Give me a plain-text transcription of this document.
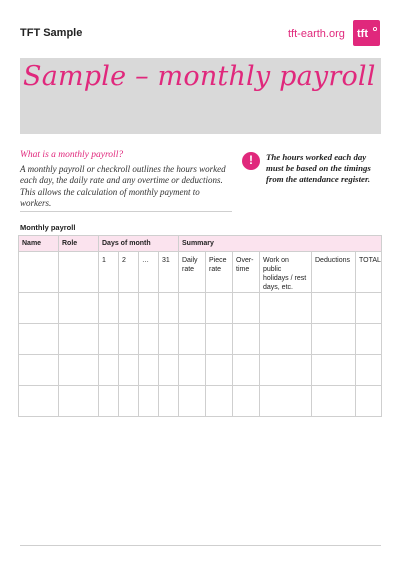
TFT Sample	tft-earth.org tft
Sample – monthly payroll

What is a monthly payroll?

A monthly payroll or checkroll outlines the hours worked each day, the daily rate and any overtime or deductions. This allows the calculation of monthly payment to workers.

!	The hours worked each day must be based on the timings from the attendance register.
Monthly payroll
Name	Role	Days of month				Summary					
		1	2	…	31	Daily rate	Piece rate	Over-time	Work on public holidays / rest days, etc.	Deductions	TOTAL
